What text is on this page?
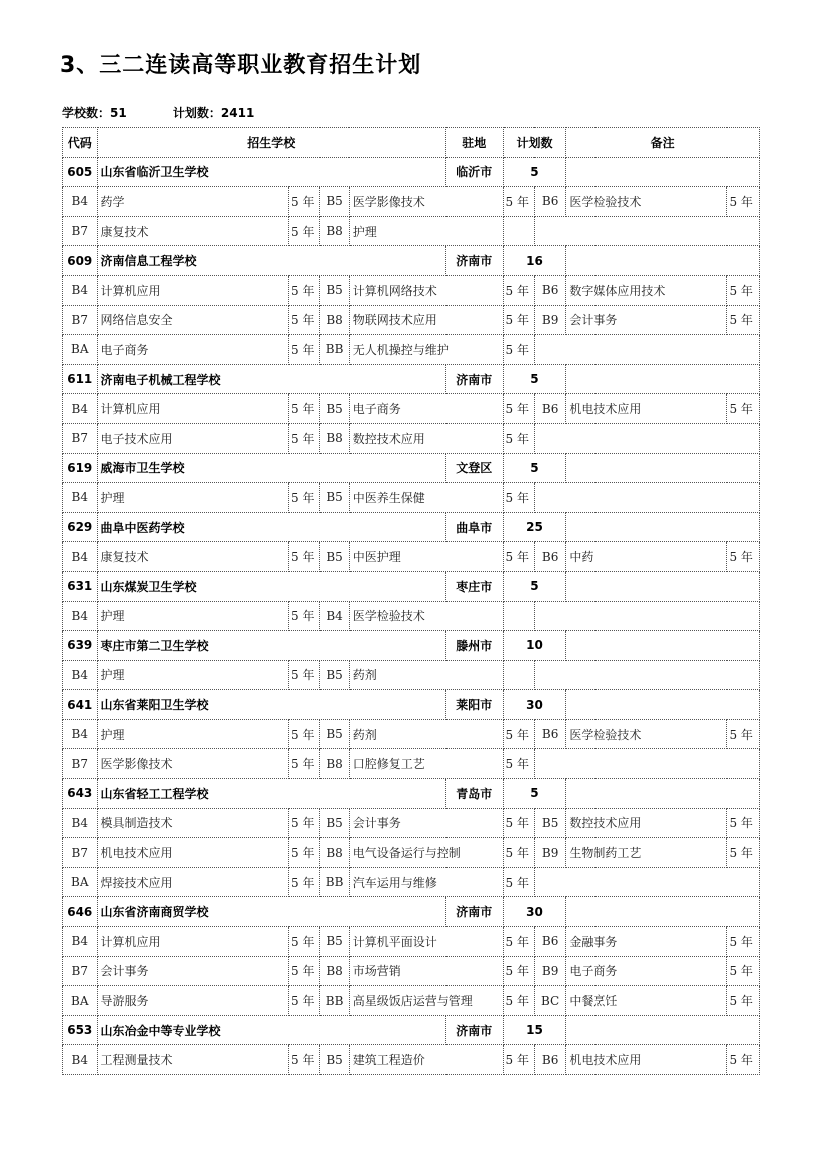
3、三二连读高等职业教育招生计划
学校数：51	计划数：2411
代码	招生学校				驻地	计划数		备注	
605	山东省临沂卫生学校				临沂市	5			
B4	药学	5 年	B5	医学影像技术		5 年	B6	医学检验技术	5 年
B7	康复技术	5 年	B8	护理					
609	济南信息工程学校				济南市	16			
B4	计算机应用	5 年	B5	计算机网络技术		5 年	B6	数字媒体应用技术	5 年
B7	网络信息安全	5 年	B8	物联网技术应用		5 年	B9	会计事务	5 年
BA	电子商务	5 年	BB	无人机操控与维护		5 年			
611	济南电子机械工程学校				济南市	5			
B4	计算机应用	5 年	B5	电子商务		5 年	B6	机电技术应用	5 年
B7	电子技术应用	5 年	B8	数控技术应用		5 年			
619	威海市卫生学校				文登区	5			
B4	护理	5 年	B5	中医养生保健		5 年			
629	曲阜中医药学校				曲阜市	25			
B4	康复技术	5 年	B5	中医护理		5 年	B6	中药	5 年
631	山东煤炭卫生学校				枣庄市	5			
B4	护理	5 年	B4	医学检验技术					
639	枣庄市第二卫生学校				滕州市	10			
B4	护理	5 年	B5	药剂					
641	山东省莱阳卫生学校				莱阳市	30			
B4	护理	5 年	B5	药剂		5 年	B6	医学检验技术	5 年
B7	医学影像技术	5 年	B8	口腔修复工艺		5 年			
643	山东省轻工工程学校				青岛市	5			
B4	模具制造技术	5 年	B5	会计事务		5 年	B5	数控技术应用	5 年
B7	机电技术应用	5 年	B8	电气设备运行与控制		5 年	B9	生物制药工艺	5 年
BA	焊接技术应用	5 年	BB	汽车运用与维修		5 年			
646	山东省济南商贸学校				济南市	30			
B4	计算机应用	5 年	B5	计算机平面设计		5 年	B6	金融事务	5 年
B7	会计事务	5 年	B8	市场营销		5 年	B9	电子商务	5 年
BA	导游服务	5 年	BB	高星级饭店运营与管理		5 年	BC	中餐烹饪	5 年
653	山东冶金中等专业学校				济南市	15			
B4	工程测量技术	5 年	B5	建筑工程造价		5 年	B6	机电技术应用	5 年
